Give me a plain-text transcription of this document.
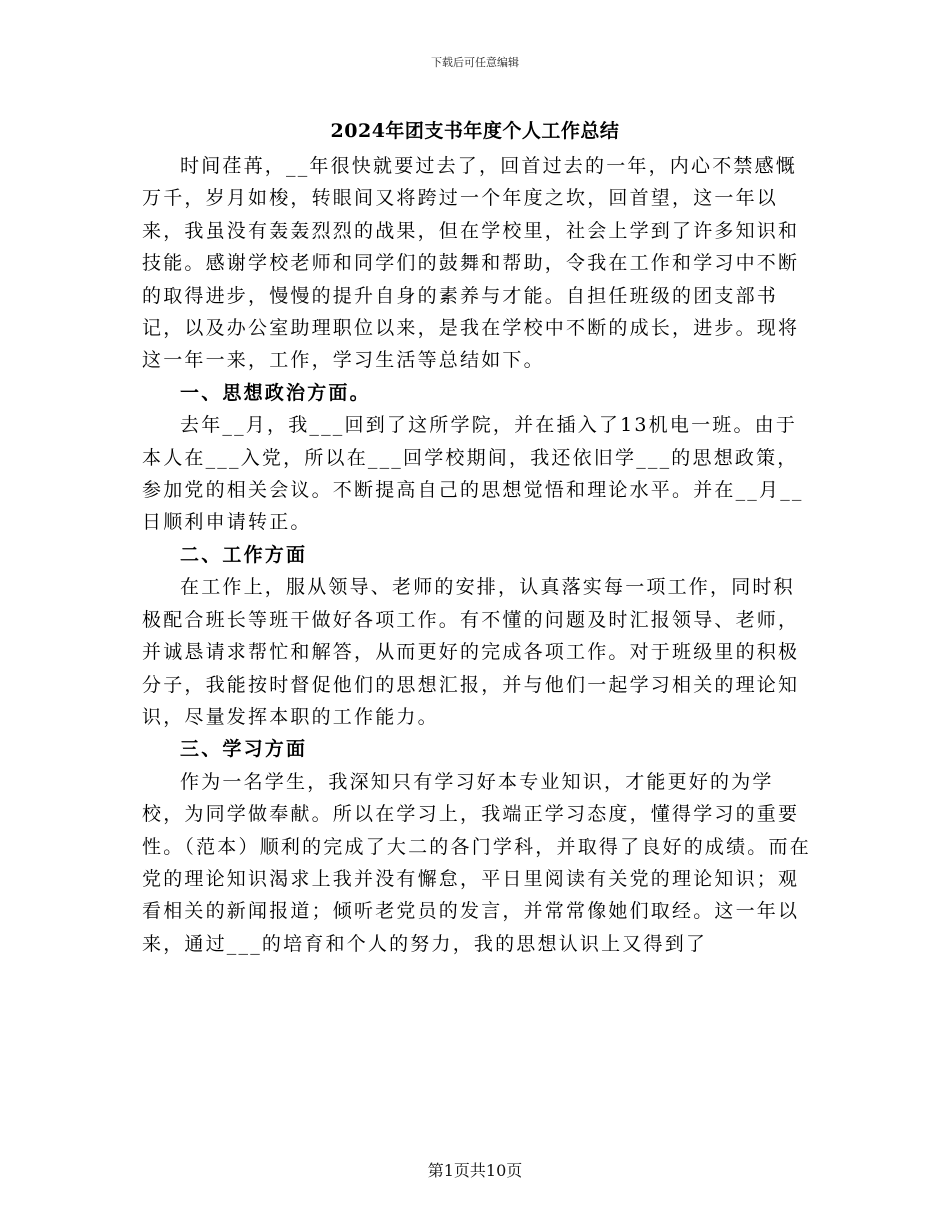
下载后可任意编辑
2024年团支书年度个人工作总结

时间荏苒，__年很快就要过去了，回首过去的一年，内心不禁感慨万千，岁月如梭，转眼间又将跨过一个年度之坎，回首望，这一年以来，我虽没有轰轰烈烈的战果，但在学校里，社会上学到了许多知识和技能。感谢学校老师和同学们的鼓舞和帮助，令我在工作和学习中不断的取得进步，慢慢的提升自身的素养与才能。自担任班级的团支部书记，以及办公室助理职位以来，是我在学校中不断的成长，进步。现将这一年一来，工作，学习生活等总结如下。

一、思想政治方面。

去年__月，我___回到了这所学院，并在插入了13机电一班。由于本人在___入党，所以在___回学校期间，我还依旧学___的思想政策，参加党的相关会议。不断提高自己的思想觉悟和理论水平。并在__月__日顺利申请转正。

二、工作方面

在工作上，服从领导、老师的安排，认真落实每一项工作，同时积极配合班长等班干做好各项工作。有不懂的问题及时汇报领导、老师，并诚恳请求帮忙和解答，从而更好的完成各项工作。对于班级里的积极分子，我能按时督促他们的思想汇报，并与他们一起学习相关的理论知识，尽量发挥本职的工作能力。

三、学习方面

作为一名学生，我深知只有学习好本专业知识，才能更好的为学校，为同学做奉献。所以在学习上，我端正学习态度，懂得学习的重要性。（范本）顺利的完成了大二的各门学科，并取得了良好的成绩。而在党的理论知识渴求上我并没有懈怠，平日里阅读有关党的理论知识；观看相关的新闻报道；倾听老党员的发言，并常常像她们取经。这一年以来，通过___的培育和个人的努力，我的思想认识上又得到了

第1页共10页
